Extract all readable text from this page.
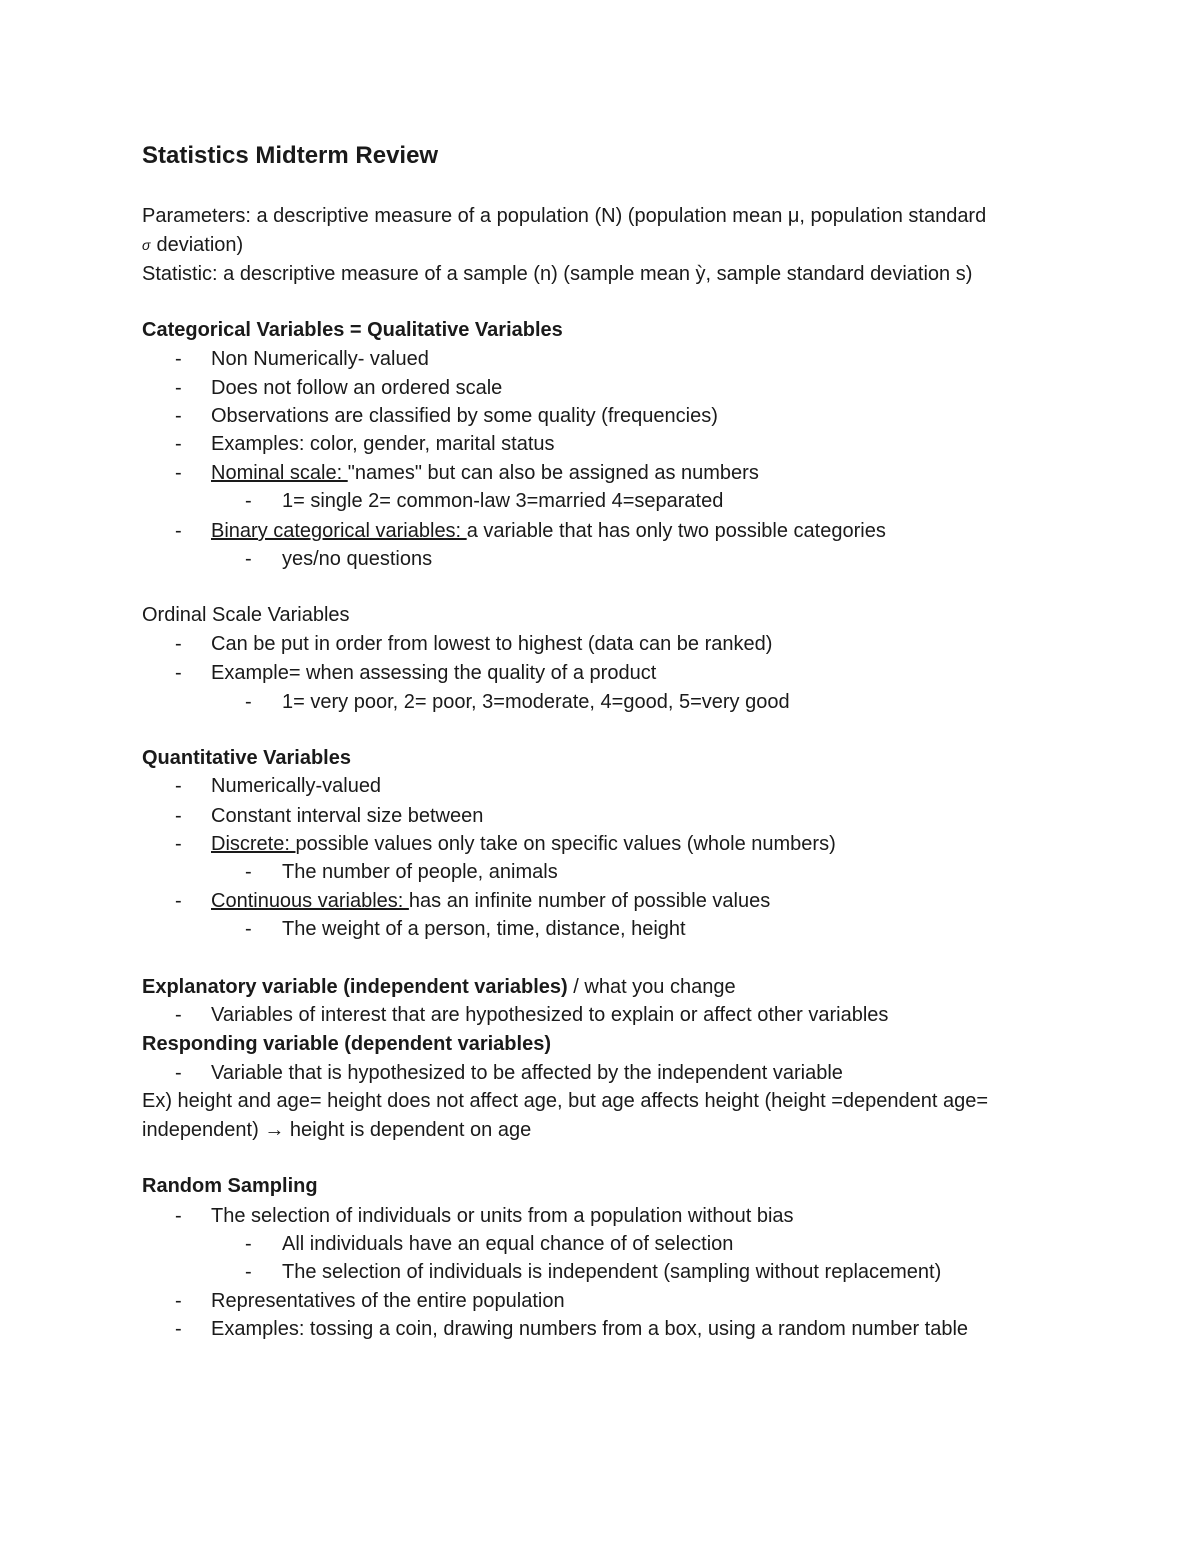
Statistics Midterm Review
Parameters: a descriptive measure of a population (N) (population mean μ, population standard
σ deviation)
Statistic: a descriptive measure of a sample (n) (sample mean ỳ, sample standard deviation s)
Categorical Variables = Qualitative Variables
- Non Numerically- valued
- Does not follow an ordered scale
- Observations are classified by some quality (frequencies)
- Examples: color, gender, marital status
- Nominal scale: "names" but can also be assigned as numbers
- 1= single 2= common-law 3=married 4=separated
- Binary categorical variables: a variable that has only two possible categories
- yes/no questions
Ordinal Scale Variables
- Can be put in order from lowest to highest (data can be ranked)
- Example= when assessing the quality of a product
- 1= very poor, 2= poor, 3=moderate, 4=good, 5=very good
Quantitative Variables
- Numerically-valued
- Constant interval size between
- Discrete: possible values only take on specific values (whole numbers)
- The number of people, animals
- Continuous variables: has an infinite number of possible values
- The weight of a person, time, distance, height
Explanatory variable (independent variables) / what you change
- Variables of interest that are hypothesized to explain or affect other variables
Responding variable (dependent variables)
- Variable that is hypothesized to be affected by the independent variable
Ex) height and age= height does not affect age, but age affects height (height =dependent age=
independent) → height is dependent on age
Random Sampling
- The selection of individuals or units from a population without bias
- All individuals have an equal chance of of selection
- The selection of individuals is independent (sampling without replacement)
- Representatives of the entire population
- Examples: tossing a coin, drawing numbers from a box, using a random number table
